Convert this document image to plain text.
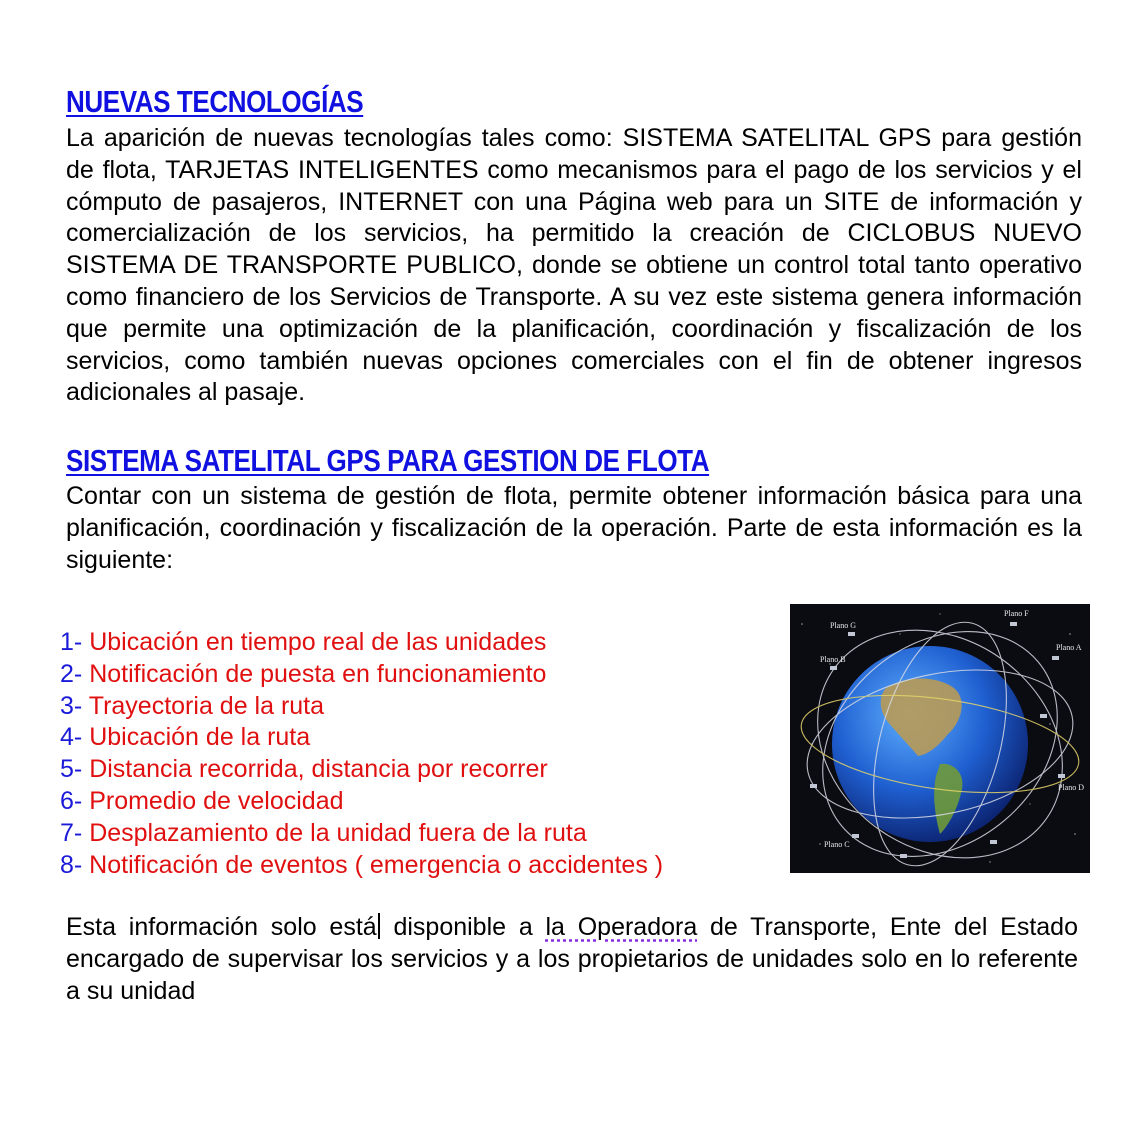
NUEVAS TECNOLOGÍAS

La aparición de nuevas tecnologías tales como: SISTEMA SATELITAL GPS para gestión de flota, TARJETAS INTELIGENTES como mecanismos para el pago de los servicios y el cómputo de pasajeros, INTERNET con una Página web para un SITE de información y comercialización de los servicios, ha permitido la creación de CICLOBUS NUEVO SISTEMA DE TRANSPORTE PUBLICO, donde se obtiene un control total tanto operativo como financiero de los Servicios de Transporte. A su vez este sistema genera información que permite una optimización de la planificación, coordinación y fiscalización de los servicios, como también nuevas opciones comerciales con el fin de obtener ingresos adicionales al pasaje.

SISTEMA SATELITAL GPS PARA GESTION DE FLOTA

Contar con un sistema de gestión de flota, permite obtener información básica para una planificación, coordinación y fiscalización de la operación. Parte de esta información es la siguiente:

1- Ubicación en tiempo real de las unidades
2- Notificación de puesta en funcionamiento
3- Trayectoria de la ruta
4- Ubicación de la ruta
5- Distancia recorrida, distancia por recorrer
6- Promedio de velocidad
7- Desplazamiento de la unidad fuera de la ruta
8- Notificación de eventos ( emergencia o accidentes )
Plano F
Plano G
Plano B
Plano A
Plano D
Plano C

Esta información solo está disponible a la Operadora de Transporte, Ente del Estado encargado de supervisar los servicios y a los propietarios de unidades solo en lo referente a su unidad
